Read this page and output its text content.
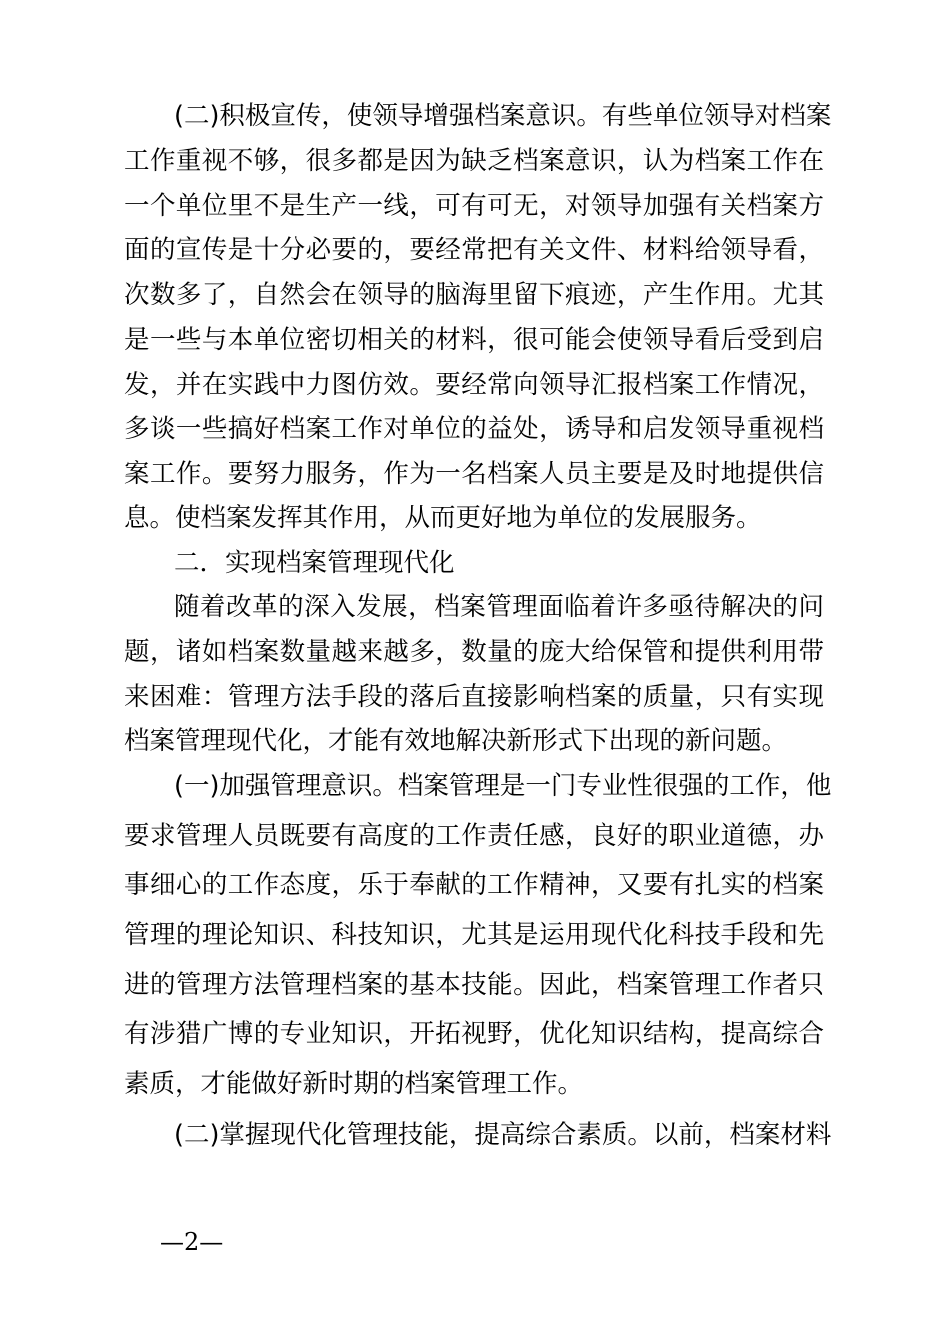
(二)积极宣传，使领导增强档案意识。有些单位领导对档案

工作重视不够，很多都是因为缺乏档案意识，认为档案工作在

一个单位里不是生产一线，可有可无，对领导加强有关档案方

面的宣传是十分必要的，要经常把有关文件、材料给领导看，

次数多了，自然会在领导的脑海里留下痕迹，产生作用。尤其

是一些与本单位密切相关的材料，很可能会使领导看后受到启

发，并在实践中力图仿效。要经常向领导汇报档案工作情况，

多谈一些搞好档案工作对单位的益处，诱导和启发领导重视档

案工作。要努力服务，作为一名档案人员主要是及时地提供信

息。使档案发挥其作用，从而更好地为单位的发展服务。

二．实现档案管理现代化

随着改革的深入发展，档案管理面临着许多亟待解决的问

题，诸如档案数量越来越多，数量的庞大给保管和提供利用带

来困难：管理方法手段的落后直接影响档案的质量，只有实现

档案管理现代化，才能有效地解决新形式下出现的新问题。

(一)加强管理意识。档案管理是一门专业性很强的工作，他

要求管理人员既要有高度的工作责任感，良好的职业道德，办

事细心的工作态度，乐于奉献的工作精神，又要有扎实的档案

管理的理论知识、科技知识，尤其是运用现代化科技手段和先

进的管理方法管理档案的基本技能。因此，档案管理工作者只

有涉猎广博的专业知识，开拓视野，优化知识结构，提高综合

素质，才能做好新时期的档案管理工作。

(二)掌握现代化管理技能，提高综合素质。以前，档案材料

—2—
